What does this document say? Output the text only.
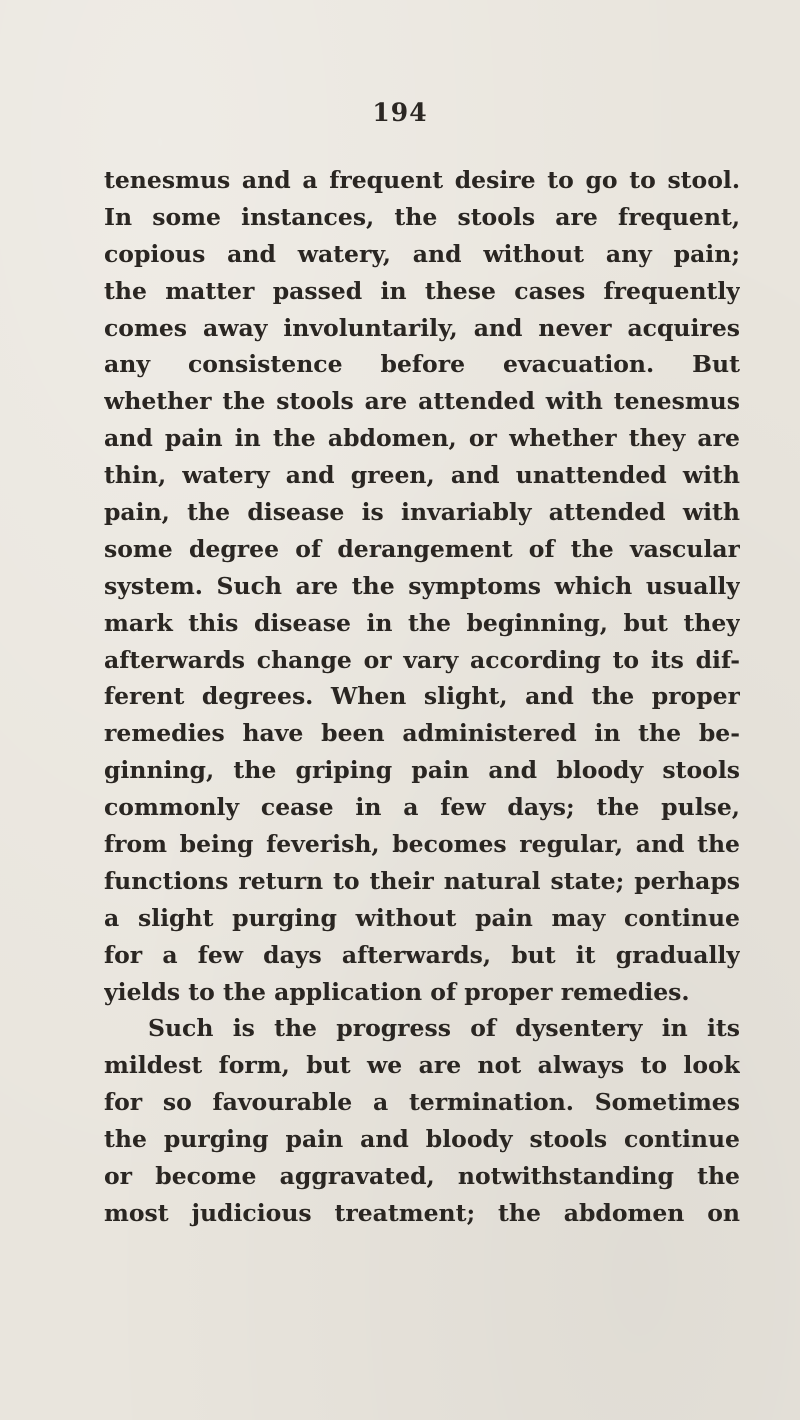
194
tenesmus and a frequent desire to go to stool.
In some instances, the stools are frequent,
copious and watery, and without any pain;
the matter passed in these cases frequently
comes away involuntarily, and never acquires
any consistence before evacuation. But
whether the stools are attended with tenesmus
and pain in the abdomen, or whether they are
thin, watery and green, and unattended with
pain, the disease is invariably attended with
some degree of derangement of the vascular
system. Such are the symptoms which usually
mark this disease in the beginning, but they
afterwards change or vary according to its dif-
ferent degrees. When slight, and the proper
remedies have been administered in the be-
ginning, the griping pain and bloody stools
commonly cease in a few days; the pulse,
from being feverish, becomes regular, and the
functions return to their natural state; perhaps
a slight purging without pain may continue
for a few days afterwards, but it gradually
yields to the application of proper remedies.
Such is the progress of dysentery in its
mildest form, but we are not always to look
for so favourable a termination. Sometimes
the purging pain and bloody stools continue
or become aggravated, notwithstanding the
most judicious treatment; the abdomen on
